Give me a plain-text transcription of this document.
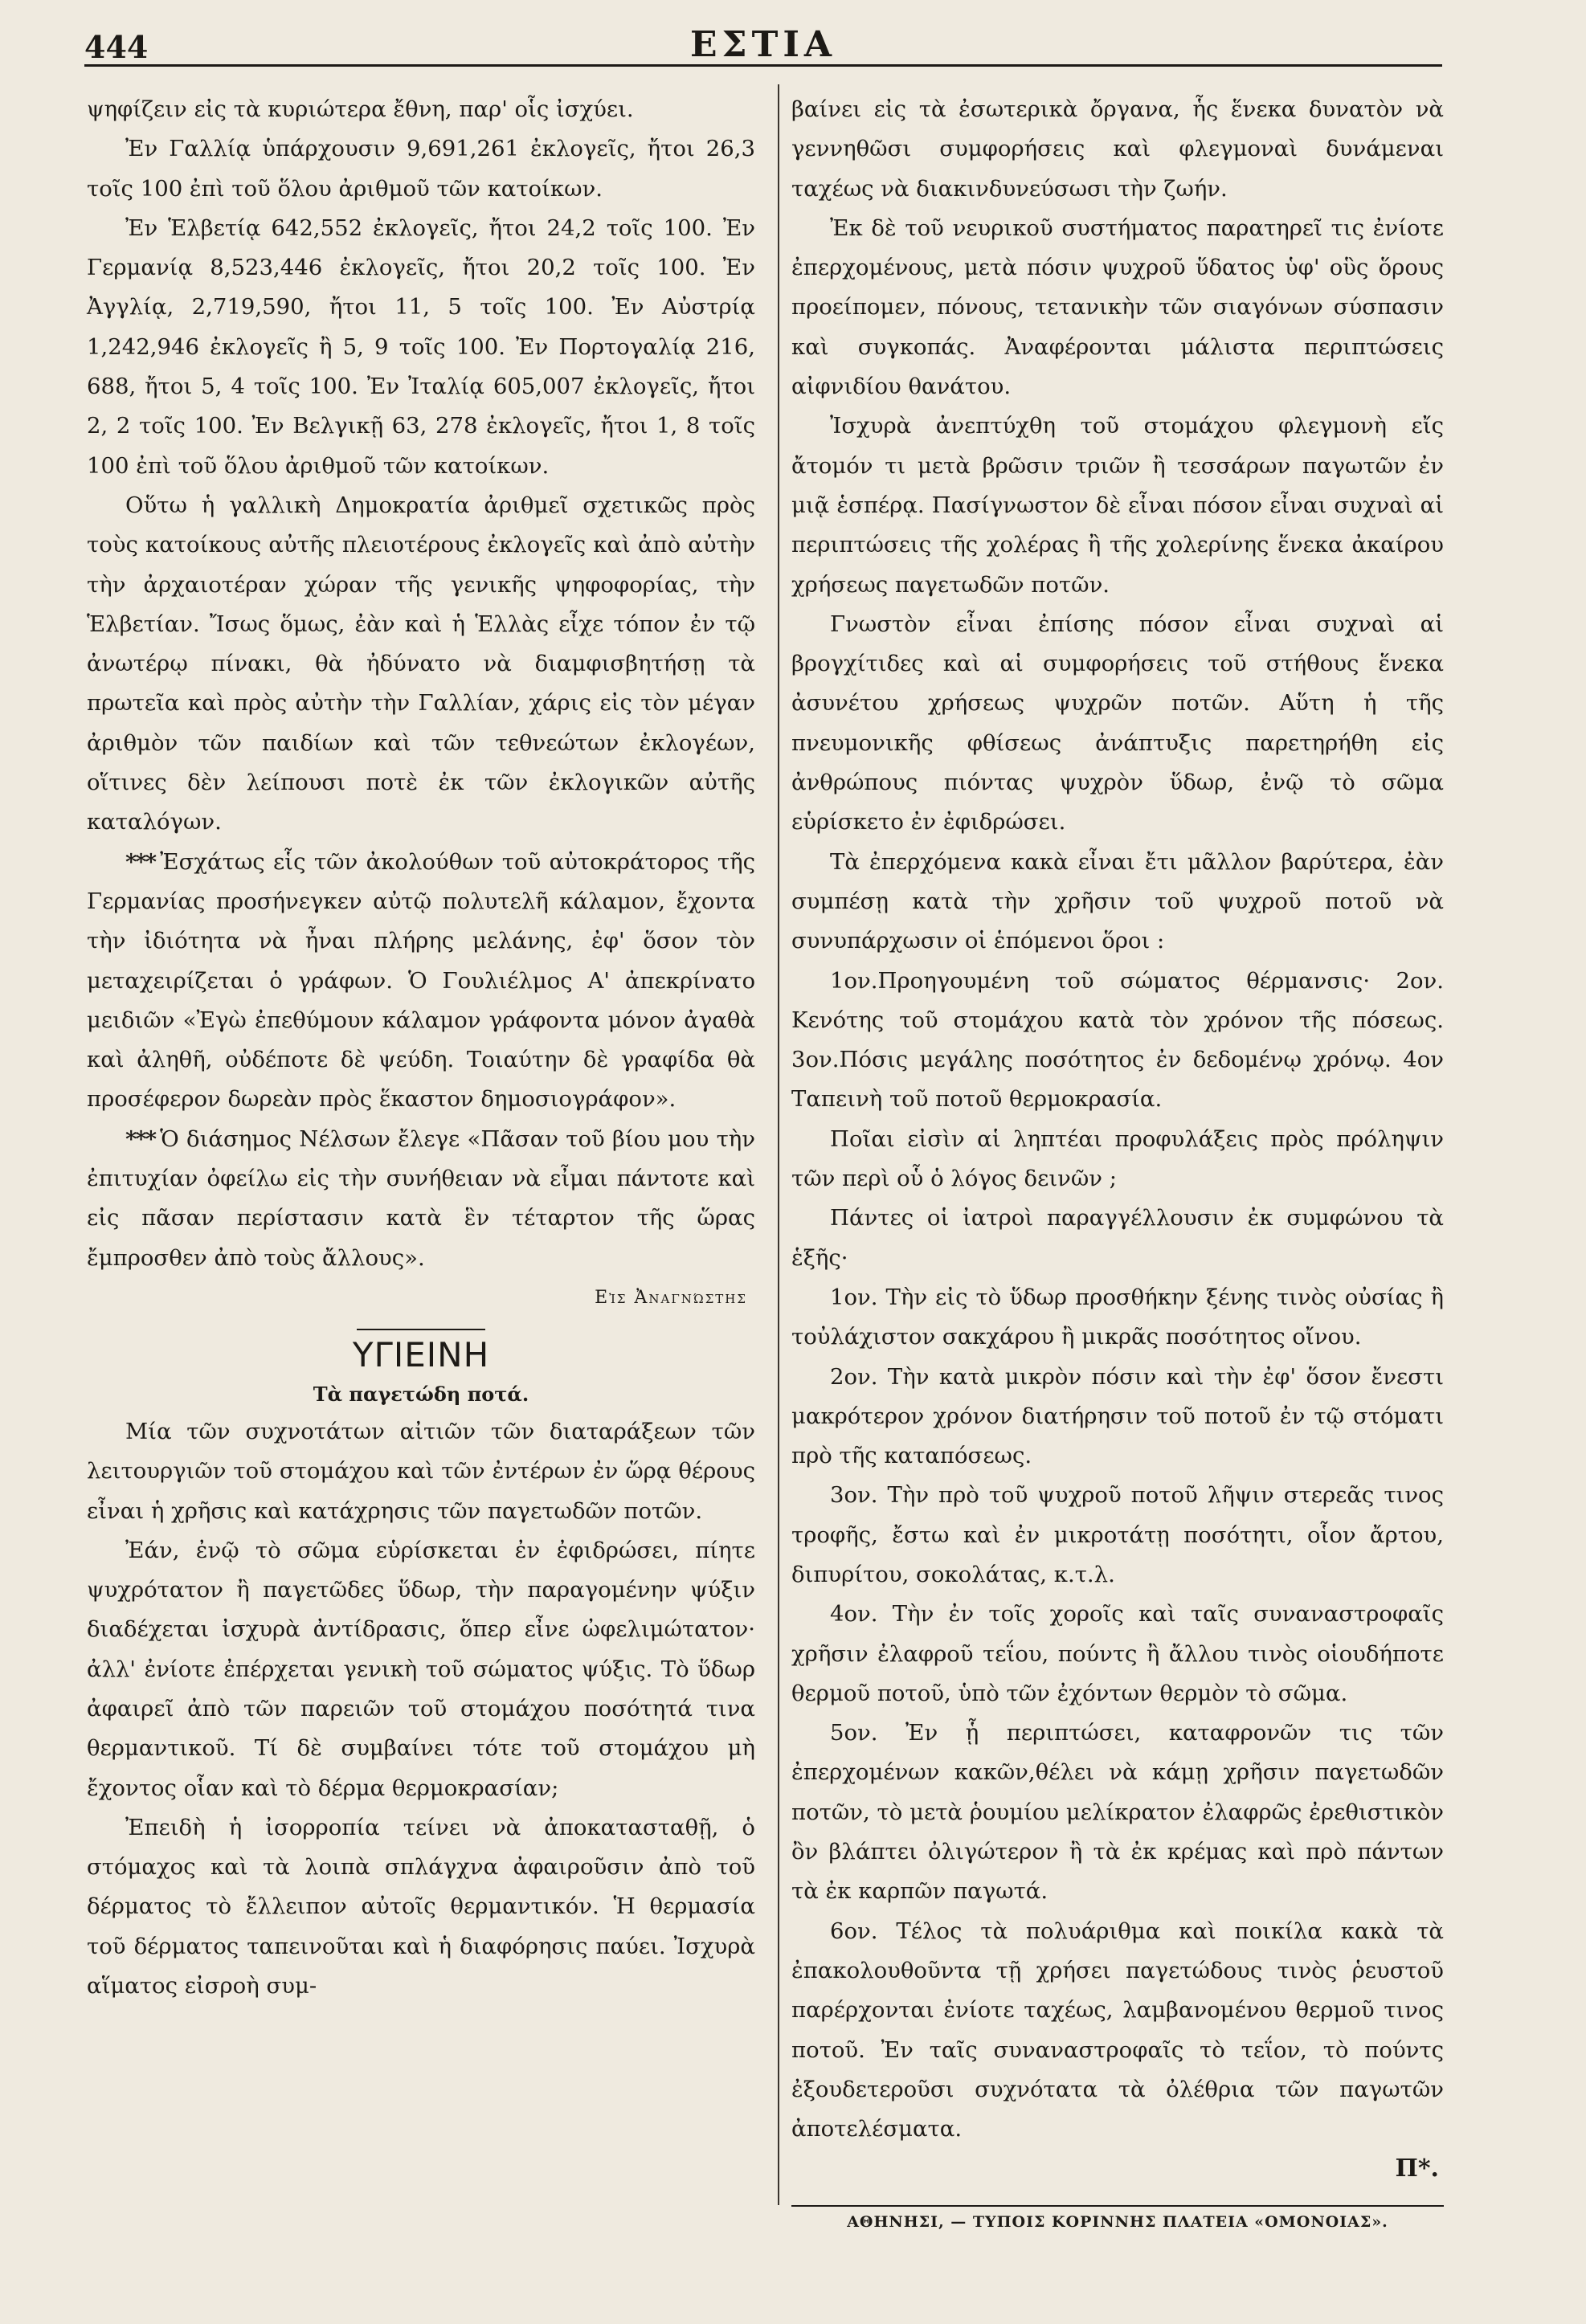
444	ΕΣΤΙΑ

ψηφίζειν εἰς τὰ κυριώτερα ἔθνη, παρ' οἷς ἰσχύει.

Ἐν Γαλλίᾳ ὑπάρχουσιν 9,691,261 ἐκλογεῖς, ἤτοι 26,3 τοῖς 100 ἐπὶ τοῦ ὅλου ἀριθμοῦ τῶν κατοίκων.

Ἐν Ἑλβετίᾳ 642,552 ἐκλογεῖς, ἤτοι 24,2 τοῖς 100. Ἐν Γερμανίᾳ 8,523,446 ἐκλογεῖς, ἤτοι 20,2 τοῖς 100. Ἐν Ἀγγλίᾳ, 2,719,590, ἤτοι 11, 5 τοῖς 100. Ἐν Αὐστρίᾳ 1,242,946 ἐκλογεῖς ἢ 5, 9 τοῖς 100. Ἐν Πορτογαλίᾳ 216, 688, ἤτοι 5, 4 τοῖς 100. Ἐν Ἰταλίᾳ 605,007 ἐκλογεῖς, ἤτοι 2, 2 τοῖς 100. Ἐν Βελγικῇ 63, 278 ἐκλογεῖς, ἤτοι 1, 8 τοῖς 100 ἐπὶ τοῦ ὅλου ἀριθμοῦ τῶν κατοίκων.

Οὕτω ἡ γαλλικὴ Δημοκρατία ἀριθμεῖ σχετικῶς πρὸς τοὺς κατοίκους αὐτῆς πλειοτέρους ἐκλογεῖς καὶ ἀπὸ αὐτὴν τὴν ἀρχαιοτέραν χώραν τῆς γενικῆς ψηφοφορίας, τὴν Ἑλβετίαν. Ἴσως ὅμως, ἐὰν καὶ ἡ Ἑλλὰς εἶχε τόπον ἐν τῷ ἀνωτέρῳ πίνακι, θὰ ἠδύνατο νὰ διαμφισβητήσῃ τὰ πρωτεῖα καὶ πρὸς αὐτὴν τὴν Γαλλίαν, χάρις εἰς τὸν μέγαν ἀριθμὸν τῶν παιδίων καὶ τῶν τεθνεώτων ἐκλογέων, οἵτινες δὲν λείπουσι ποτὲ ἐκ τῶν ἐκλογικῶν αὐτῆς καταλόγων.

*** Ἐσχάτως εἷς τῶν ἀκολούθων τοῦ αὐτοκράτορος τῆς Γερμανίας προσήνεγκεν αὐτῷ πολυτελῆ κάλαμον, ἔχοντα τὴν ἰδιότητα νὰ ἦναι πλήρης μελάνης, ἐφ' ὅσον τὸν μεταχειρίζεται ὁ γράφων. Ὁ Γουλιέλμος Α' ἀπεκρίνατο μειδιῶν «Ἐγὼ ἐπεθύμουν κάλαμον γράφοντα μόνον ἀγαθὰ καὶ ἀληθῆ, οὐδέποτε δὲ ψεύδη. Τοιαύτην δὲ γραφίδα θὰ προσέφερον δωρεὰν πρὸς ἕκαστον δημοσιογράφον».

*** Ὁ διάσημος Νέλσων ἔλεγε «Πᾶσαν τοῦ βίου μου τὴν ἐπιτυχίαν ὀφείλω εἰς τὴν συνήθειαν νὰ εἶμαι πάντοτε καὶ εἰς πᾶσαν περίστασιν κατὰ ἓν τέταρτον τῆς ὥρας ἔμπροσθεν ἀπὸ τοὺς ἄλλους».

Εἰς Ἀναγνώστης
ΥΓΙΕΙΝΗ
Τὰ παγετώδη ποτά.

Μία τῶν συχνοτάτων αἰτιῶν τῶν διαταράξεων τῶν λειτουργιῶν τοῦ στομάχου καὶ τῶν ἐντέρων ἐν ὥρᾳ θέρους εἶναι ἡ χρῆσις καὶ κατάχρησις τῶν παγετωδῶν ποτῶν.

Ἐάν, ἐνῷ τὸ σῶμα εὑρίσκεται ἐν ἐφιδρώσει, πίητε ψυχρότατον ἢ παγετῶδες ὕδωρ, τὴν παραγομένην ψύξιν διαδέχεται ἰσχυρὰ ἀντίδρασις, ὅπερ εἶνε ὠφελιμώτατον· ἀλλ' ἐνίοτε ἐπέρχεται γενικὴ τοῦ σώματος ψύξις. Τὸ ὕδωρ ἀφαιρεῖ ἀπὸ τῶν παρειῶν τοῦ στομάχου ποσότητά τινα θερμαντικοῦ. Τί δὲ συμβαίνει τότε τοῦ στομάχου μὴ ἔχοντος οἷαν καὶ τὸ δέρμα θερμοκρασίαν;

Ἐπειδὴ ἡ ἰσορροπία τείνει νὰ ἀποκατασταθῇ, ὁ στόμαχος καὶ τὰ λοιπὰ σπλάγχνα ἀφαιροῦσιν ἀπὸ τοῦ δέρματος τὸ ἔλλειπον αὐτοῖς θερμαντικόν. Ἡ θερμασία τοῦ δέρματος ταπεινοῦται καὶ ἡ διαφόρησις παύει. Ἰσχυρὰ αἵματος εἰσροὴ συμ-

βαίνει εἰς τὰ ἐσωτερικὰ ὄργανα, ἧς ἕνεκα δυνατὸν νὰ γεννηθῶσι συμφορήσεις καὶ φλεγμοναὶ δυνάμεναι ταχέως νὰ διακινδυνεύσωσι τὴν ζωήν.

Ἐκ δὲ τοῦ νευρικοῦ συστήματος παρατηρεῖ τις ἐνίοτε ἐπερχομένους, μετὰ πόσιν ψυχροῦ ὕδατος ὑφ' οὓς ὅρους προείπομεν, πόνους, τετανικὴν τῶν σιαγόνων σύσπασιν καὶ συγκοπάς. Ἀναφέρονται μάλιστα περιπτώσεις αἰφνιδίου θανάτου.

Ἰσχυρὰ ἀνεπτύχθη τοῦ στομάχου φλεγμονὴ εἴς ἄτομόν τι μετὰ βρῶσιν τριῶν ἢ τεσσάρων παγωτῶν ἐν μιᾷ ἑσπέρᾳ. Πασίγνωστον δὲ εἶναι πόσον εἶναι συχναὶ αἱ περιπτώσεις τῆς χολέρας ἢ τῆς χολερίνης ἕνεκα ἀκαίρου χρήσεως παγετωδῶν ποτῶν.

Γνωστὸν εἶναι ἐπίσης πόσον εἶναι συχναὶ αἱ βρογχίτιδες καὶ αἱ συμφορήσεις τοῦ στήθους ἕνεκα ἀσυνέτου χρήσεως ψυχρῶν ποτῶν. Αὕτη ἡ τῆς πνευμονικῆς φθίσεως ἀνάπτυξις παρετηρήθη εἰς ἀνθρώπους πιόντας ψυχρὸν ὕδωρ, ἐνῷ τὸ σῶμα εὑρίσκετο ἐν ἐφιδρώσει.

Τὰ ἐπερχόμενα κακὰ εἶναι ἔτι μᾶλλον βαρύτερα, ἐὰν συμπέσῃ κατὰ τὴν χρῆσιν τοῦ ψυχροῦ ποτοῦ νὰ συνυπάρχωσιν οἱ ἑπόμενοι ὅροι :

1ον.Προηγουμένη τοῦ σώματος θέρμανσις· 2ον. Κενότης τοῦ στομάχου κατὰ τὸν χρόνον τῆς πόσεως. 3ον.Πόσις μεγάλης ποσότητος ἐν δεδομένῳ χρόνῳ. 4ον Ταπεινὴ τοῦ ποτοῦ θερμοκρασία.

Ποῖαι εἰσὶν αἱ ληπτέαι προφυλάξεις πρὸς πρόληψιν τῶν περὶ οὗ ὁ λόγος δεινῶν ;

Πάντες οἱ ἰατροὶ παραγγέλλουσιν ἐκ συμφώνου τὰ ἑξῆς·

1ον. Τὴν εἰς τὸ ὕδωρ προσθήκην ξένης τινὸς οὐσίας ἢ τοὐλάχιστον σακχάρου ἢ μικρᾶς ποσότητος οἴνου.

2ον. Τὴν κατὰ μικρὸν πόσιν καὶ τὴν ἐφ' ὅσον ἔνεστι μακρότερον χρόνον διατήρησιν τοῦ ποτοῦ ἐν τῷ στόματι πρὸ τῆς καταπόσεως.

3ον. Τὴν πρὸ τοῦ ψυχροῦ ποτοῦ λῆψιν στερεᾶς τινος τροφῆς, ἔστω καὶ ἐν μικροτάτῃ ποσότητι, οἷον ἄρτου, διπυρίτου, σοκολάτας, κ.τ.λ.

4ον. Τὴν ἐν τοῖς χοροῖς καὶ ταῖς συναναστροφαῖς χρῆσιν ἐλαφροῦ τεΐου, πούντς ἢ ἄλλου τινὸς οἱουδήποτε θερμοῦ ποτοῦ, ὑπὸ τῶν ἐχόντων θερμὸν τὸ σῶμα.

5ον. Ἐν ᾗ περιπτώσει, καταφρονῶν τις τῶν ἐπερχομένων κακῶν,θέλει νὰ κάμῃ χρῆσιν παγετωδῶν ποτῶν, τὸ μετὰ ῥουμίου μελίκρατον ἐλαφρῶς ἐρεθιστικὸν ὂν βλάπτει ὀλιγώτερον ἢ τὰ ἐκ κρέμας καὶ πρὸ πάντων τὰ ἐκ καρπῶν παγωτά.

6ον. Τέλος τὰ πολυάριθμα καὶ ποικίλα κακὰ τὰ ἐπακολουθοῦντα τῇ χρήσει παγετώδους τινὸς ῥευστοῦ παρέρχονται ἐνίοτε ταχέως, λαμβανομένου θερμοῦ τινος ποτοῦ. Ἐν ταῖς συναναστροφαῖς τὸ τεΐον, τὸ πούντς ἐξουδετεροῦσι συχνότατα τὰ ὀλέθρια τῶν παγωτῶν ἀποτελέσματα.

Π*.
ΑΘΗΝΗΣΙ, — ΤΥΠΟΙΣ ΚΟΡΙΝΝΗΣ ΠΛΑΤΕΙΑ «ΟΜΟΝΟΙΑΣ».
